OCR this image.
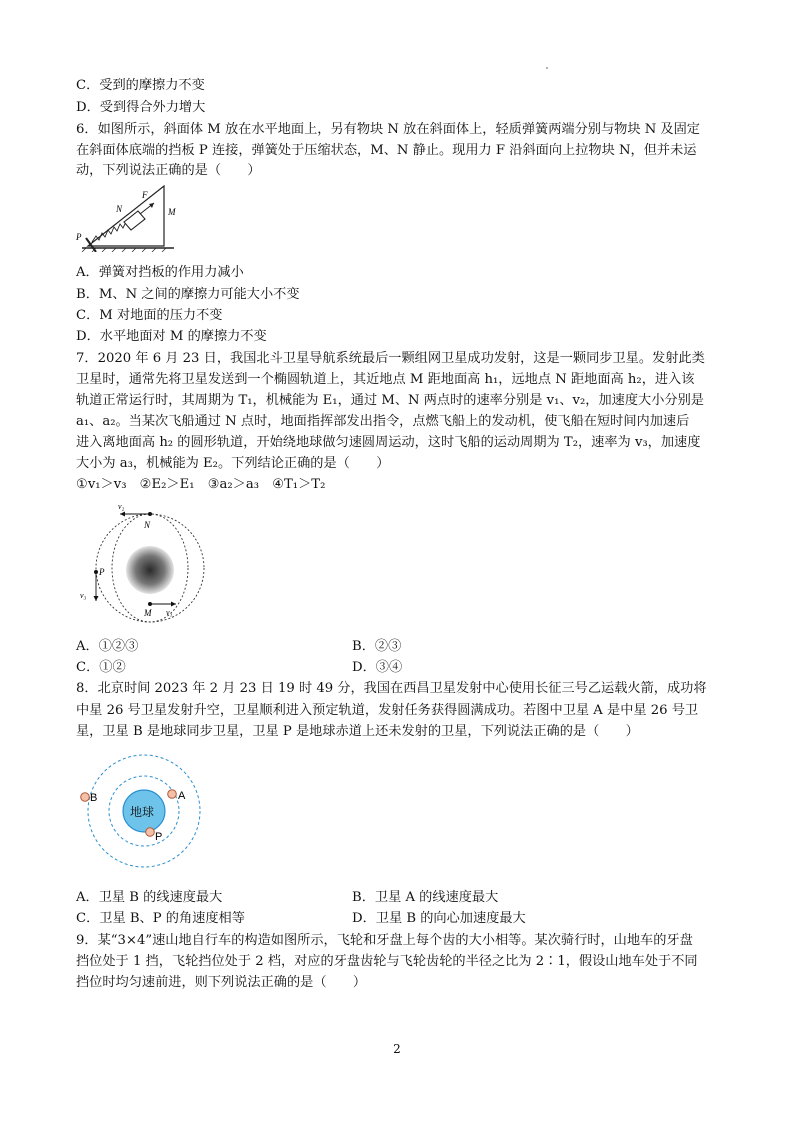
C．受到的摩擦力不变
D．受到得合外力增大
6．如图所示，斜面体 M 放在水平地面上，另有物块 N 放在斜面体上，轻质弹簧两端分别与物块 N 及固定
在斜面体底端的挡板 P 连接，弹簧处于压缩状态，M、N 静止。现用力 F 沿斜面向上拉物块 N，但并未运
动，下列说法正确的是（　　）
F
N	M
P
A．弹簧对挡板的作用力减小
B．M、N 之间的摩擦力可能大小不变
C．M 对地面的压力不变
D．水平地面对 M 的摩擦力不变
7．2020 年 6 月 23 日，我国北斗卫星导航系统最后一颗组网卫星成功发射，这是一颗同步卫星。发射此类
卫星时，通常先将卫星发送到一个椭圆轨道上，其近地点 M 距地面高 h₁，远地点 N 距地面高 h₂，进入该
轨道正常运行时，其周期为 T₁，机械能为 E₁，通过 M、N 两点时的速率分别是 v₁、v₂，加速度大小分别是
a₁、a₂。当某次飞船通过 N 点时，地面指挥部发出指令，点燃飞船上的发动机，使飞船在短时间内加速后
进入离地面高 h₂ 的圆形轨道，开始绕地球做匀速圆周运动，这时飞船的运动周期为 T₂，速率为 v₃，加速度
大小为 a₃，机械能为 E₂。下列结论正确的是（　　）
①v₁＞v₃　②E₂＞E₁　③a₂＞a₃　④T₁＞T₂
v₂
N
P
v₃
M v₁
A．①②③	B．②③
C．①②	D．③④
8．北京时间 2023 年 2 月 23 日 19 时 49 分，我国在西昌卫星发射中心使用长征三号乙运载火箭，成功将
中星 26 号卫星发射升空，卫星顺利进入预定轨道，发射任务获得圆满成功。若图中卫星 A 是中星 26 号卫
星，卫星 B 是地球同步卫星，卫星 P 是地球赤道上还未发射的卫星，下列说法正确的是（　　）
地球
B	A
P
A．卫星 B 的线速度最大	B．卫星 A 的线速度最大
C．卫星 B、P 的角速度相等	D．卫星 B 的向心加速度最大
9．某“3×4”速山地自行车的构造如图所示，飞轮和牙盘上每个齿的大小相等。某次骑行时，山地车的牙盘
挡位处于 1 挡，飞轮挡位处于 2 档，对应的牙盘齿轮与飞轮齿轮的半径之比为 2∶1，假设山地车处于不同
挡位时均匀速前进，则下列说法正确的是（　　）
2
